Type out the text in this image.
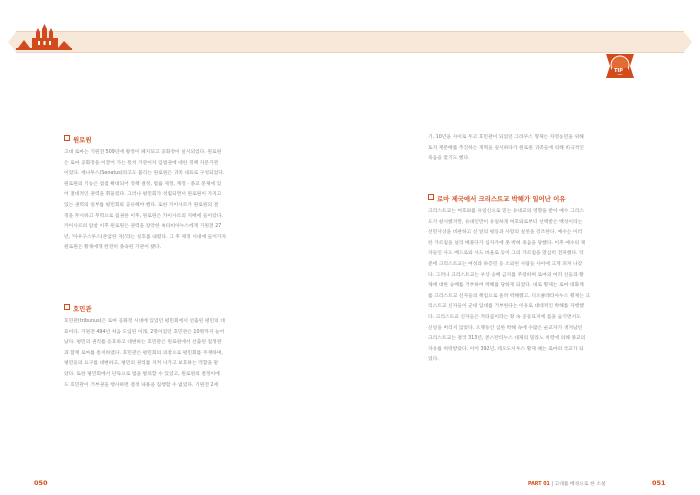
TIP
원로원
고대 로마는 기원전 509년에 왕정이 폐지되고 공화정이 실시되었다. 원로원
은 로마 공화정을 이끌어 가는 통치 기관이자 입법권에 대한 정책 자문기관
이었다. 세나투스(Senatus)라고도 불리는 원로원은 귀족 대표로 구성되었다.
원로원의 기능은 점점 확대되어 정책 결정, 법률 제정, 재정 · 종교 문제에 있
어 절대적인 권력을 휘둘렀다. 그러나 평민회가 성립되면서 원로원이 가지고
있는 권력의 일부를 평민회와 공유해야 했다. 또한 카이사르가 원로원의 결
정을 무시하고 무력으로 집권한 이후, 원로원은 카이사르의 지배에 들어갔다.
카이사르의 암살 이후 원로원은 권력을 장악한 옥타비아누스에게 기원전 27
년, '아우구스투스(존엄한 자)'라는 칭호를 내렸다. 그 후 제정 시대에 들어가자
원로원은 황제에게 완전히 종속된 기관이 됐다.
호민관
호민관(tribunus)은 로마 공화정 시대에 있었던 평민회에서 선출된 평민의 대
표이다. 기원전 494년 처음 도입된 이래, 2명이었던 호민관은 10명까지 늘어
났다. 평민의 권리를 옹호하고 대변하는 호민관은 원로원에서 선출된 집정관
과 함께 로마를 통치하였다. 호민관은 평민회의 의장으로 평민회를 주재하며,
평민들의 요구를 대변하고, 평민의 권리를 지켜 나가고 보호하는 역할을 맡
았다. 또한 평민회에서 단독으로 법을 발의할 수 있었고, 원로원의 결정이에
도 호민관이 거부권을 행사하면 결정 내용을 집행할 수 없었다. 기원전 2세
050
기, 10년을 사이로 두고 호민관이 되었던 그라쿠스 형제는 자영농민을 위해
토지 재분배를 추진하는 개혁을 실시하다가 원로원 귀족들에 의해 비극적인
죽음을 맞기도 했다.
로마 제국에서 크리스트교 박해가 일어난 이유
크리스트교는 여호와를 유일신으로 믿는 유대교의 영향을 받아 예수 그리스
도가 창시했지만, 유대인만이 유일하게 여호와로부터 선택받은 백성이라는
선민사상을 비판하고 신 앞의 평등과 사랑의 실천을 강조한다. 예수는 이러
한 가르침을 널리 배풀다가 십자가에 못 박혀 죽음을 당했다. 이후 예수의 제
자들인 사도 베드로와 사도 바울로 등이 그의 가르침을 열심히 전파했다. 덕
분에 크리스트교는 여성과 하층민 등 소외된 사람들 사이에 크게 퍼져 나갔
다. 그러나 크리스트교는 우상 숭배 금지를 주장하며 로마의 여러 신들과 황
제에 대한 숭배를 거부하여 박해를 당하게 되었다. 네로 황제는 로마 대화재
를 크리스트교 신자들의 책임으로 돌려 박해했고, 디오클레티아누스 황제는 크
리스트교 신자들이 군대 입대를 거부한다는 이유로 대대적인 박해를 자행했
다. 크리스트교 신자들은 카타콤이라는 땅 속 공동묘지에 몸을 숨기면서도
신앙을 버리지 않았다. 오랫동안 심한 박해 속에 수많은 순교자가 생겨났던
크리스트교는 결국 313년, 콘스탄티누스 대제의 밀라노 칙령에 의해 종교의
자유를 허락받았다. 이어 392년, 테오도시우스 황제 때는 로마의 국교가 되
었다.
051
PART 01 | 고대를 배경으로 한 소설
